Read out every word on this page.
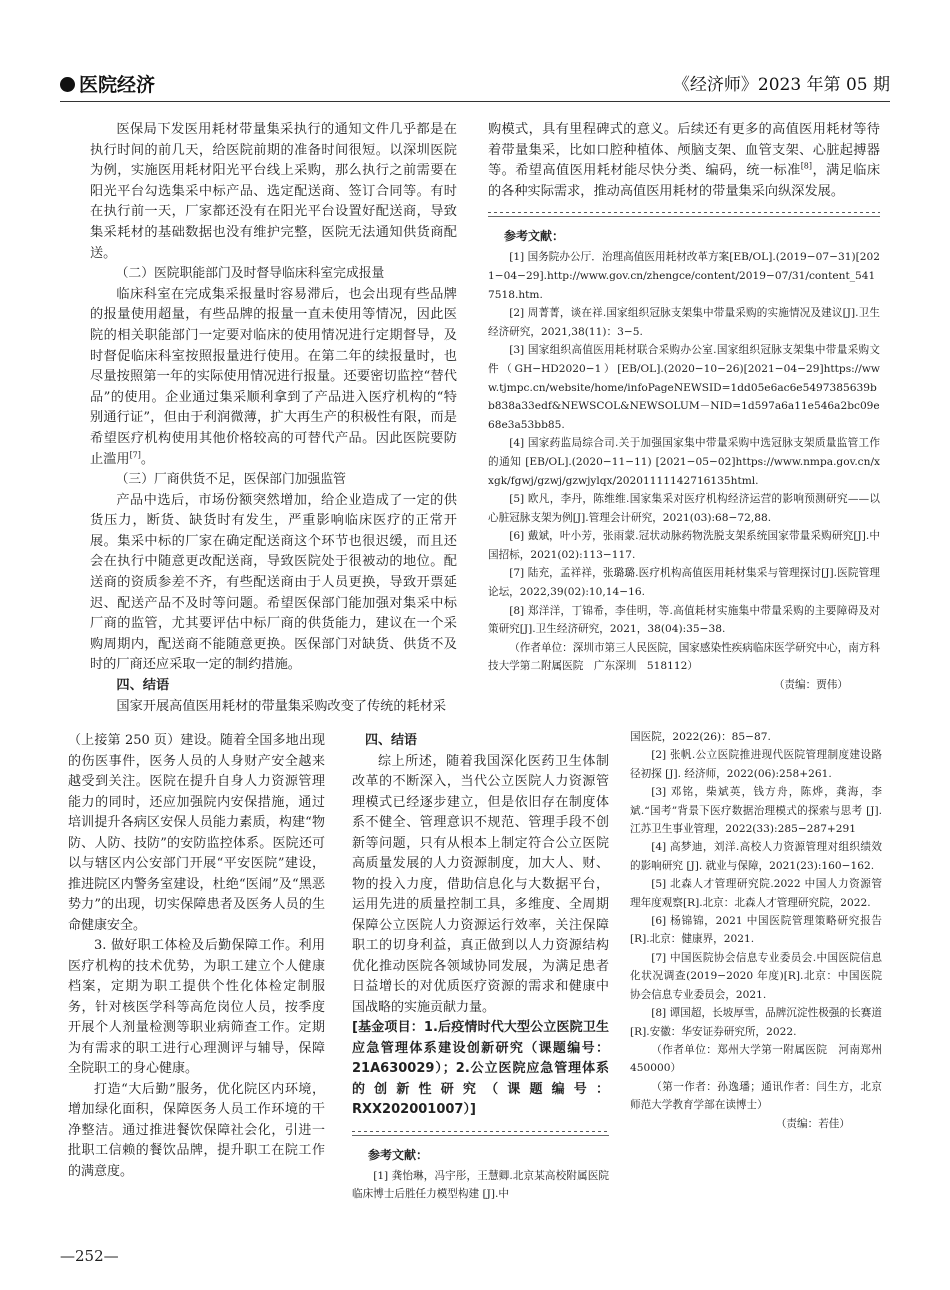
医院经济	《经济师》2023 年第 05 期

医保局下发医用耗材带量集采执行的通知文件几乎都是在执行时间的前几天，给医院前期的准备时间很短。以深圳医院为例，实施医用耗材阳光平台线上采购，那么执行之前需要在阳光平台勾选集采中标产品、选定配送商、签订合同等。有时在执行前一天，厂家都还没有在阳光平台设置好配送商，导致集采耗材的基础数据也没有维护完整，医院无法通知供货商配送。

（二）医院职能部门及时督导临床科室完成报量

临床科室在完成集采报量时容易滞后，也会出现有些品牌的报量使用超量，有些品牌的报量一直未使用等情况，因此医院的相关职能部门一定要对临床的使用情况进行定期督导，及时督促临床科室按照报量进行使用。在第二年的续报量时，也尽量按照第一年的实际使用情况进行报量。还要密切监控“替代品”的使用。企业通过集采顺利拿到了产品进入医疗机构的“特别通行证”，但由于利润微薄，扩大再生产的积极性有限，而是希望医疗机构使用其他价格较高的可替代产品。因此医院要防止滥用[7]。

（三）厂商供货不足，医保部门加强监管

产品中选后，市场份额突然增加，给企业造成了一定的供货压力，断货、缺货时有发生，严重影响临床医疗的正常开展。集采中标的厂家在确定配送商这个环节也很迟缓，而且还会在执行中随意更改配送商，导致医院处于很被动的地位。配送商的资质参差不齐，有些配送商由于人员更换，导致开票延迟、配送产品不及时等问题。希望医保部门能加强对集采中标厂商的监管，尤其要评估中标厂商的供货能力，建议在一个采购周期内，配送商不能随意更换。医保部门对缺货、供货不及时的厂商还应采取一定的制约措施。

四、结语

国家开展高值医用耗材的带量集采购改变了传统的耗材采

购模式，具有里程碑式的意义。后续还有更多的高值医用耗材等待着带量集采，比如口腔种植体、颅脑支架、血管支架、心脏起搏器等。希望高值医用耗材能尽快分类、编码，统一标准[8]，满足临床的各种实际需求，推动高值医用耗材的带量集采向纵深发展。

参考文献：

[1] 国务院办公厅．治理高值医用耗材改革方案[EB/OL].(2019−07−31)[2021−04−29].http://www.gov.cn/zhengce/content/2019−07/31/content_5417518.htm.

[2] 周菁菁，谈在祥.国家组织冠脉支架集中带量采购的实施情况及建议[J].卫生经济研究，2021,38(11)：3−5.

[3] 国家组织高值医用耗材联合采购办公室.国家组织冠脉支架集中带量采购文件（GH−HD2020−1）[EB/OL].(2020−10−26)[2021−04−29]https://www.tjmpc.cn/website/home/infoPageNEWSID=1dd05e6ac6e5497385639bb838a33edf&NEWSCOL&NEWSOLUM－NID=1d597a6a11e546a2bc09e68e3a53bb85.

[4] 国家药监局综合司.关于加强国家集中带量采购中选冠脉支架质量监管工作的通知 [EB/OL].(2020−11−11) [2021−05−02]https://www.nmpa.gov.cn/xxgk/fgwj/gzwj/gzwjylqx/20201111142716135html.

[5] 欧凡，李丹，陈维维.国家集采对医疗机构经济运营的影响预测研究——以心脏冠脉支架为例[J].管理会计研究，2021(03):68−72,88.

[6] 戴斌，叶小芳，张雨蒙.冠状动脉药物洗脱支架系统国家带量采购研究[J].中国招标，2021(02):113−117.

[7] 陆充，孟祥祥，张璐璐.医疗机构高值医用耗材集采与管理探讨[J].医院管理论坛，2022,39(02):10,14−16.

[8] 郑洋洋，丁锦希，李佳明，等.高值耗材实施集中带量采购的主要障碍及对策研究[J].卫生经济研究，2021，38(04):35−38.

（作者单位：深圳市第三人民医院，国家感染性疾病临床医学研究中心，南方科技大学第二附属医院　广东深圳　518112）

（责编：贾伟）

（上接第 250 页）建设。随着全国多地出现的伤医事件，医务人员的人身财产安全越来越受到关注。医院在提升自身人力资源管理能力的同时，还应加强院内安保措施，通过培训提升各病区安保人员能力素质，构建“物防、人防、技防”的安防监控体系。医院还可以与辖区内公安部门开展“平安医院”建设，推进院区内警务室建设，杜绝“医闹”及“黑恶势力”的出现，切实保障患者及医务人员的生命健康安全。

3. 做好职工体检及后勤保障工作。利用医疗机构的技术优势，为职工建立个人健康档案，定期为职工提供个性化体检定制服务，针对核医学科等高危岗位人员，按季度开展个人剂量检测等职业病筛查工作。定期为有需求的职工进行心理测评与辅导，保障全院职工的身心健康。

打造“大后勤”服务，优化院区内环境，增加绿化面积，保障医务人员工作环境的干净整洁。通过推进餐饮保障社会化，引进一批职工信赖的餐饮品牌，提升职工在院工作的满意度。

四、结语

综上所述，随着我国深化医药卫生体制改革的不断深入，当代公立医院人力资源管理模式已经逐步建立，但是依旧存在制度体系不健全、管理意识不规范、管理手段不创新等问题，只有从根本上制定符合公立医院高质量发展的人力资源制度，加大人、财、物的投入力度，借助信息化与大数据平台，运用先进的质量控制工具，多维度、全周期保障公立医院人力资源运行效率，关注保障职工的切身利益，真正做到以人力资源结构优化推动医院各领域协同发展，为满足患者日益增长的对优质医疗资源的需求和健康中国战略的实施贡献力量。

[基金项目：1.后疫情时代大型公立医院卫生应急管理体系建设创新研究（课题编号：21A630029）；2.公立医院应急管理体系的创新性研究（课题编号：RXX202001007）]

参考文献：

[1] 龚怡琳，冯宇彤，王慧卿.北京某高校附属医院临床博士后胜任力模型构建 [J].中

国医院，2022(26)：85−87.

[2] 张帆.公立医院推进现代医院管理制度建设路径初探 [J]. 经济师，2022(06):258+261.

[3] 邓铭，柴斌英，钱方舟，陈烨，龚海，李斌.“国考”背景下医疗数据治理模式的探索与思考 [J]. 江苏卫生事业管理，2022(33):285−287+291

[4] 高梦迪，刘洋.高校人力资源管理对组织绩效的影响研究 [J]. 就业与保障，2021(23):160−162.

[5] 北森人才管理研究院.2022 中国人力资源管理年度观察[R].北京：北森人才管理研究院，2022.

[6] 杨锦锦，2021 中国医院管理策略研究报告[R].北京：健康界，2021.

[7] 中国医院协会信息专业委员会.中国医院信息化状况调查(2019−2020 年度)[R].北京：中国医院协会信息专业委员会，2021.

[8] 谭国超，长坡厚雪，品牌沉淀性极强的长赛道[R].安徽：华安证券研究所，2022.

（作者单位：郑州大学第一附属医院　河南郑州　450000）

（第一作者：孙逸璠；通讯作者：闫生方，北京师范大学教育学部在读博士）

（责编：若佳）

—252—
